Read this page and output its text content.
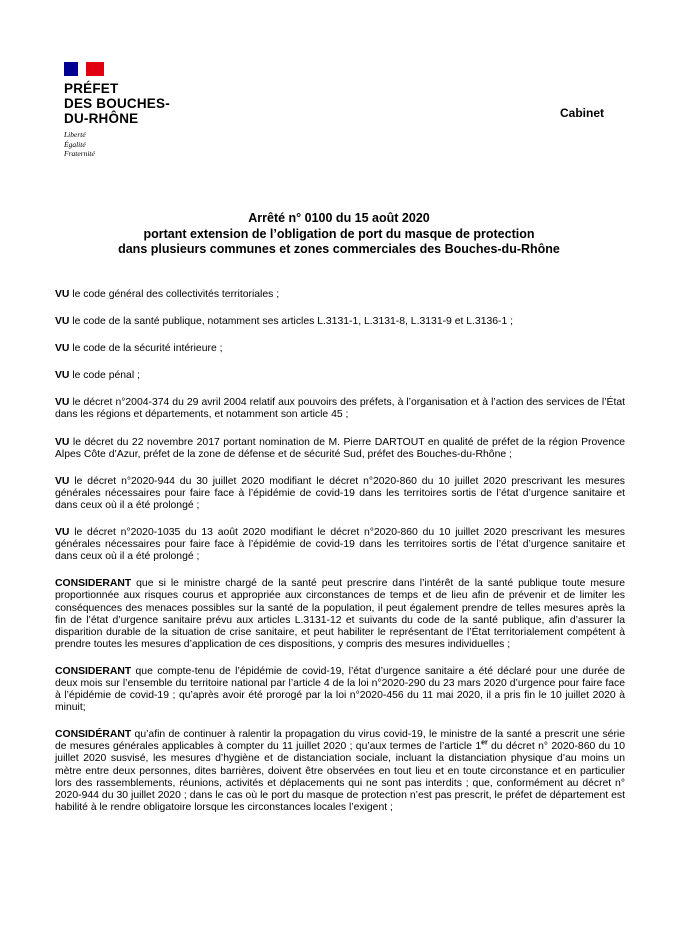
PRÉFET
DES BOUCHES-
DU-RHÔNE
Liberté
Égalité
Fraternité
Cabinet
Arrêté n° 0100 du 15 août 2020
portant extension de l’obligation de port du masque de protection
dans plusieurs communes et zones commerciales des Bouches-du-Rhône

VU le code général des collectivités territoriales ;

VU le code de la santé publique, notamment ses articles L.3131-1, L.3131-8, L.3131-9 et L.3136-1 ;

VU le code de la sécurité intérieure ;

VU le code pénal ;

VU le décret n°2004-374 du 29 avril 2004 relatif aux pouvoirs des préfets, à l’organisation et à l’action des services de l’État dans les régions et départements, et notamment son article 45 ;

VU le décret du 22 novembre 2017 portant nomination de M. Pierre DARTOUT en qualité de préfet de la région Provence Alpes Côte d’Azur, préfet de la zone de défense et de sécurité Sud, préfet des Bouches-du-Rhône ;

VU le décret n°2020-944 du 30 juillet 2020 modifiant le décret n°2020-860 du 10 juillet 2020 prescrivant les mesures générales nécessaires pour faire face à l’épidémie de covid-19 dans les territoires sortis de l’état d’urgence sanitaire et dans ceux où il a été prolongé ;

VU le décret n°2020-1035 du 13 août 2020 modifiant le décret n°2020-860 du 10 juillet 2020 prescrivant les mesures générales nécessaires pour faire face à l’épidémie de covid-19 dans les territoires sortis de l’état d’urgence sanitaire et dans ceux où il a été prolongé ;

CONSIDERANT que si le ministre chargé de la santé peut prescrire dans l’intérêt de la santé publique toute mesure proportionnée aux risques courus et appropriée aux circonstances de temps et de lieu afin de prévenir et de limiter les conséquences des menaces possibles sur la santé de la population, il peut également prendre de telles mesures après la fin de l’état d’urgence sanitaire prévu aux articles L.3131-12 et suivants du code de la santé publique, afin d’assurer la disparition durable de la situation de crise sanitaire, et peut habiliter le représentant de l’État territorialement compétent à prendre toutes les mesures d’application de ces dispositions, y compris des mesures individuelles ;

CONSIDERANT que compte-tenu de l’épidémie de covid-19, l’état d’urgence sanitaire a été déclaré pour une durée de deux mois sur l’ensemble du territoire national par l’article 4 de la loi n°2020-290 du 23 mars 2020 d’urgence pour faire face à l’épidémie de covid-19 ; qu’après avoir été prorogé par la loi n°2020-456 du 11 mai 2020, il a pris fin le 10 juillet 2020 à minuit;

CONSIDÉRANT qu’afin de continuer à ralentir la propagation du virus covid-19, le ministre de la santé a prescrit une série de mesures générales applicables à compter du 11 juillet 2020 ; qu’aux termes de l’article 1er du décret n° 2020-860 du 10 juillet 2020 susvisé, les mesures d’hygiène et de distanciation sociale, incluant la distanciation physique d’au moins un mètre entre deux personnes, dites barrières, doivent être observées en tout lieu et en toute circonstance et en particulier lors des rassemblements, réunions, activités et déplacements qui ne sont pas interdits ; que, conformément au décret n° 2020-944 du 30 juillet 2020 ; dans le cas où le port du masque de protection n’est pas prescrit, le préfet de département est habilité à le rendre obligatoire lorsque les circonstances locales l’exigent ;
